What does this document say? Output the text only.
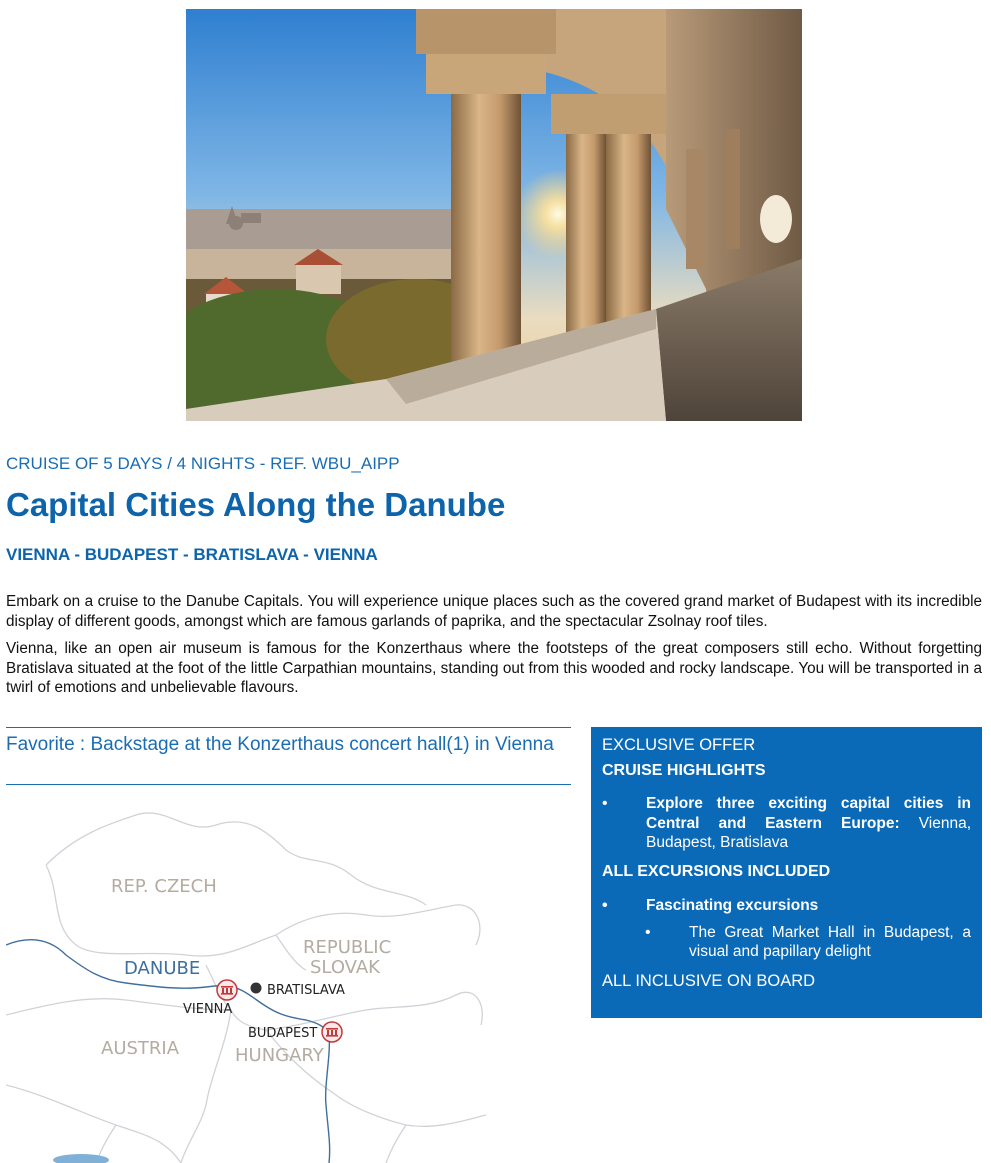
CRUISE OF 5 DAYS / 4 NIGHTS - REF. WBU_AIPP
Capital Cities Along the Danube
VIENNA - BUDAPEST - BRATISLAVA - VIENNA

Embark on a cruise to the Danube Capitals. You will experience unique places such as the covered grand market of Budapest with its incredible display of different goods, amongst which are famous garlands of paprika, and the spectacular Zsolnay roof tiles.

Vienna, like an open air museum is famous for the Konzerthaus where the footsteps of the great composers still echo. Without forgetting Bratislava situated at the foot of the little Carpathian mountains, standing out from this wooded and rocky landscape. You will be transported in a twirl of emotions and unbelievable flavours.

Favorite : Backstage at the Konzerthaus concert hall(1) in Vienna
REP. CZECH
REPUBLIC
SLOVAK
AUSTRIA	HUNGARY
DANUBE
VIENNA
BRATISLAVA
BUDAPEST
EXCLUSIVE OFFER
CRUISE HIGHLIGHTS
• Explore three exciting capital cities in Central and Eastern Europe: Vienna, Budapest, Bratislava
ALL EXCURSIONS INCLUDED
• Fascinating excursions
• The Great Market Hall in Budapest, a visual and papillary delight
ALL INCLUSIVE ON BOARD
